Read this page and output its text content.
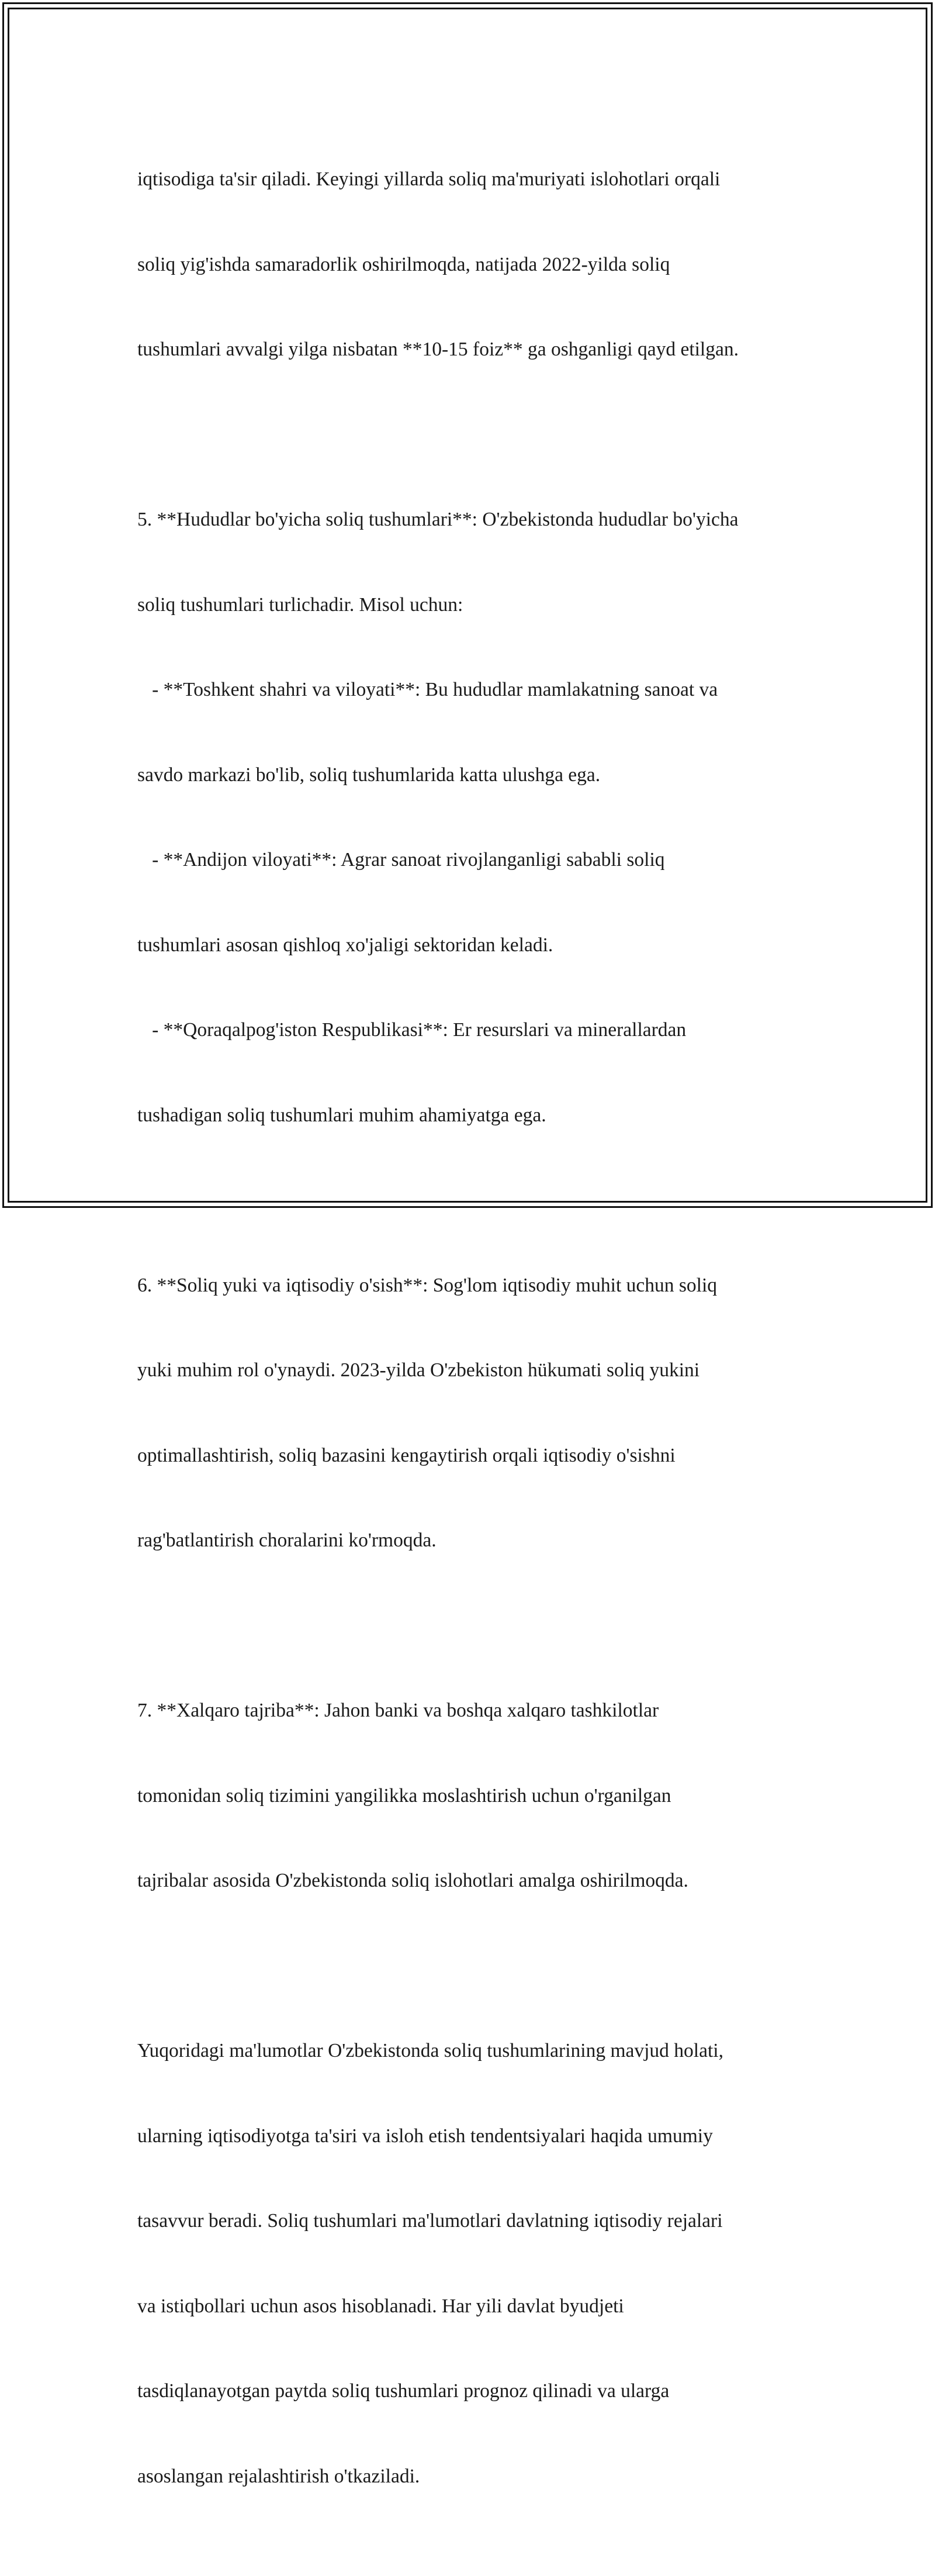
iqtisodiga ta'sir qiladi. Keyingi yillarda soliq ma'muriyati islohotlari orqali

soliq yig'ishda samaradorlik oshirilmoqda, natijada 2022-yilda soliq

tushumlari avvalgi yilga nisbatan **10-15 foiz** ga oshganligi qayd etilgan.

5. **Hududlar bo'yicha soliq tushumlari**: O'zbekistonda hududlar bo'yicha

soliq tushumlari turlichadir. Misol uchun:

- **Toshkent shahri va viloyati**: Bu hududlar mamlakatning sanoat va

savdo markazi bo'lib, soliq tushumlarida katta ulushga ega.

- **Andijon viloyati**: Agrar sanoat rivojlanganligi sababli soliq

tushumlari asosan qishloq xo'jaligi sektoridan keladi.

- **Qoraqalpog'iston Respublikasi**: Er resurslari va minerallardan

tushadigan soliq tushumlari muhim ahamiyatga ega.

6. **Soliq yuki va iqtisodiy o'sish**: Sog'lom iqtisodiy muhit uchun soliq

yuki muhim rol o'ynaydi. 2023-yilda O'zbekiston hükumati soliq yukini

optimallashtirish, soliq bazasini kengaytirish orqali iqtisodiy o'sishni

rag'batlantirish choralarini ko'rmoqda.

7. **Xalqaro tajriba**: Jahon banki va boshqa xalqaro tashkilotlar

tomonidan soliq tizimini yangilikka moslashtirish uchun o'rganilgan

tajribalar asosida O'zbekistonda soliq islohotlari amalga oshirilmoqda.

Yuqoridagi ma'lumotlar O'zbekistonda soliq tushumlarining mavjud holati,

ularning iqtisodiyotga ta'siri va isloh etish tendentsiyalari haqida umumiy

tasavvur beradi. Soliq tushumlari ma'lumotlari davlatning iqtisodiy rejalari

va istiqbollari uchun asos hisoblanadi. Har yili davlat byudjeti

tasdiqlanayotgan paytda soliq tushumlari prognoz qilinadi va ularga

asoslangan rejalashtirish o'tkaziladi.
